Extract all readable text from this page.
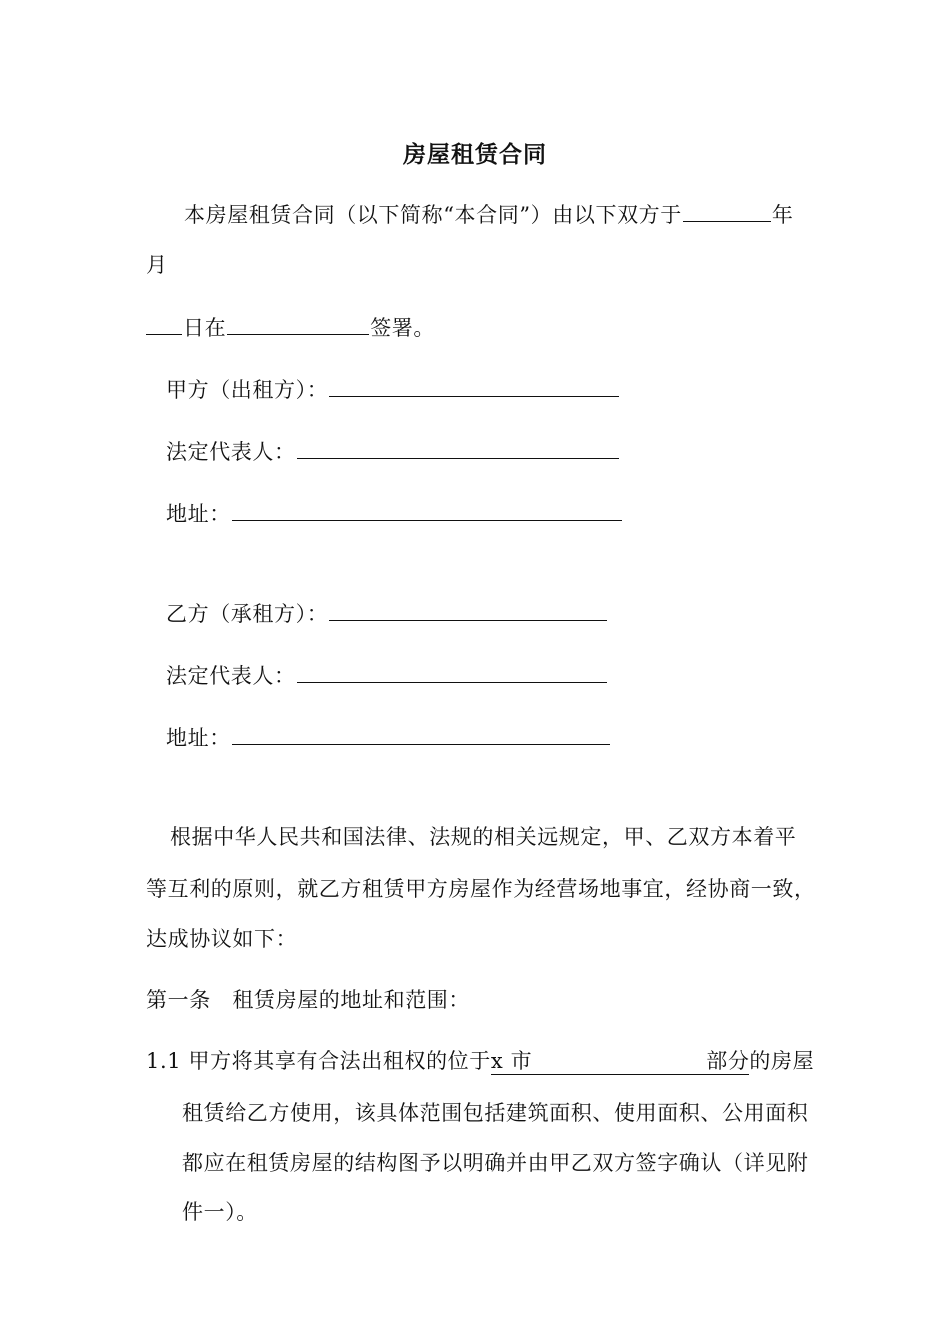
房屋租赁合同
本房屋租赁合同（以下简称“本合同”）由以下双方于	年
月
日在	签署。
甲方（出租方）：
法定代表人：
地址：
乙方（承租方）：
法定代表人：
地址：
根据中华人民共和国法律、法规的相关远规定，甲、乙双方本着平
等互利的原则，就乙方租赁甲方房屋作为经营场地事宜，经协商一致，
达成协议如下：
第一条　租赁房屋的地址和范围：
1.1 甲方将其享有合法出租权的位于x 市	部分的房屋
租赁给乙方使用，该具体范围包括建筑面积、使用面积、公用面积
都应在租赁房屋的结构图予以明确并由甲乙双方签字确认（详见附
件一）。
